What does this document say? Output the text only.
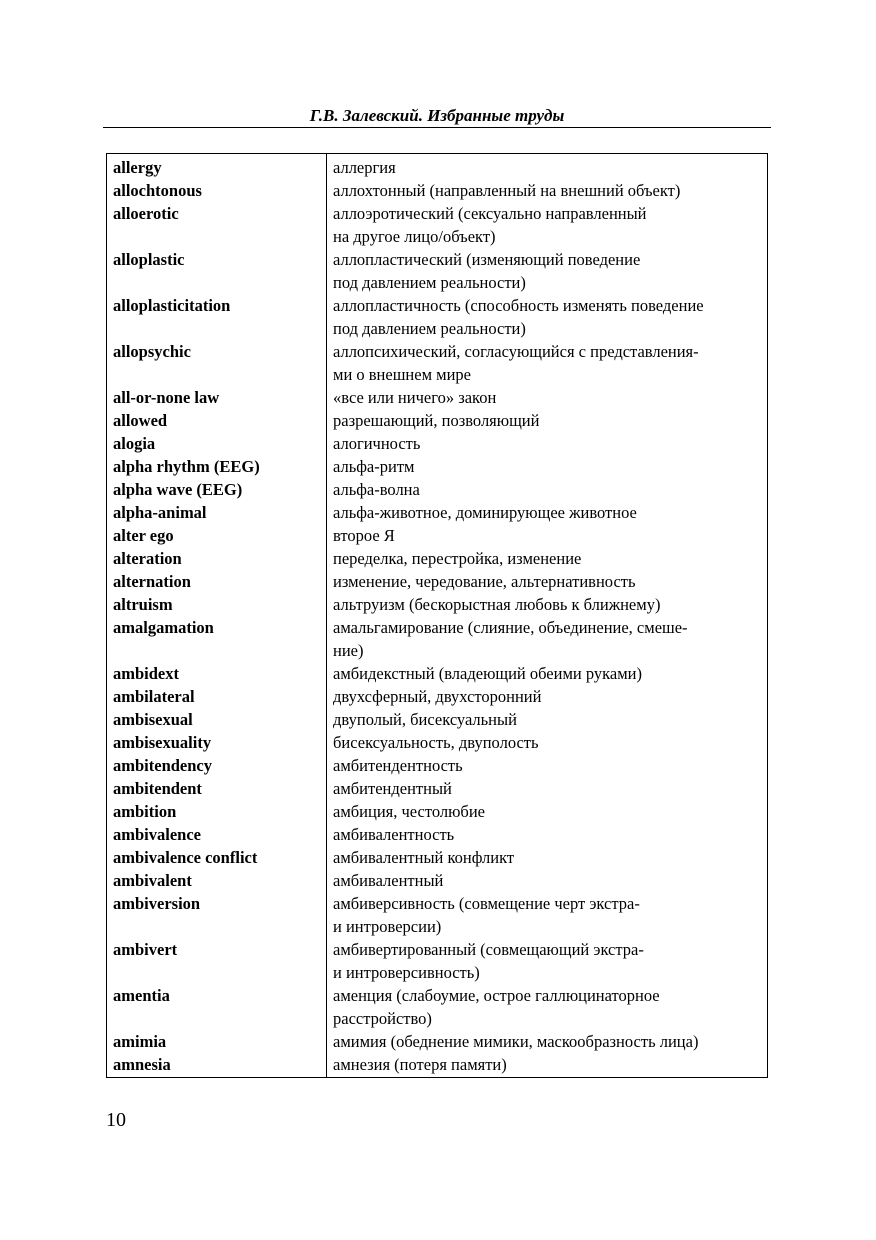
Г.В. Залевский. Избранные труды
allergy	аллергия
allochtonous	аллохтонный (направленный на внешний объект)
alloerotic	аллоэротический (сексуально направленный
на другое лицо/объект)
alloplastic	аллопластический (изменяющий поведение
под давлением реальности)
alloplasticitation	аллопластичность (способность изменять поведение
под давлением реальности)
allopsychic	аллопсихический, согласующийся с представления-
ми о внешнем мире
all-or-none law	«все или ничего» закон
allowed	разрешающий, позволяющий
alogia	алогичность
alpha rhythm (EEG)	альфа-ритм
alpha wave (EEG)	альфа-волна
alpha-animal	альфа-животное, доминирующее животное
alter ego	второе Я
alteration	переделка, перестройка, изменение
alternation	изменение, чередование, альтернативность
altruism	альтруизм (бескорыстная любовь к ближнему)
amalgamation	амальгамирование (слияние, объединение, смеше-
ние)
ambidext	амбидекстный (владеющий обеими руками)
ambilateral	двухсферный, двухсторонний
ambisexual	двуполый, бисексуальный
ambisexuality	бисексуальность, двуполость
ambitendency	амбитендентность
ambitendent	амбитендентный
ambition	амбиция, честолюбие
ambivalence	амбивалентность
ambivalence conflict	амбивалентный конфликт
ambivalent	амбивалентный
ambiversion	амбиверсивность (совмещение черт экстра-
и интроверсии)
ambivert	амбивертированный (совмещающий экстра-
и интроверсивность)
amentia	аменция (слабоумие, острое галлюцинаторное
расстройство)
amimia	амимия (обеднение мимики, маскообразность лица)
amnesia	амнезия (потеря памяти)
10
